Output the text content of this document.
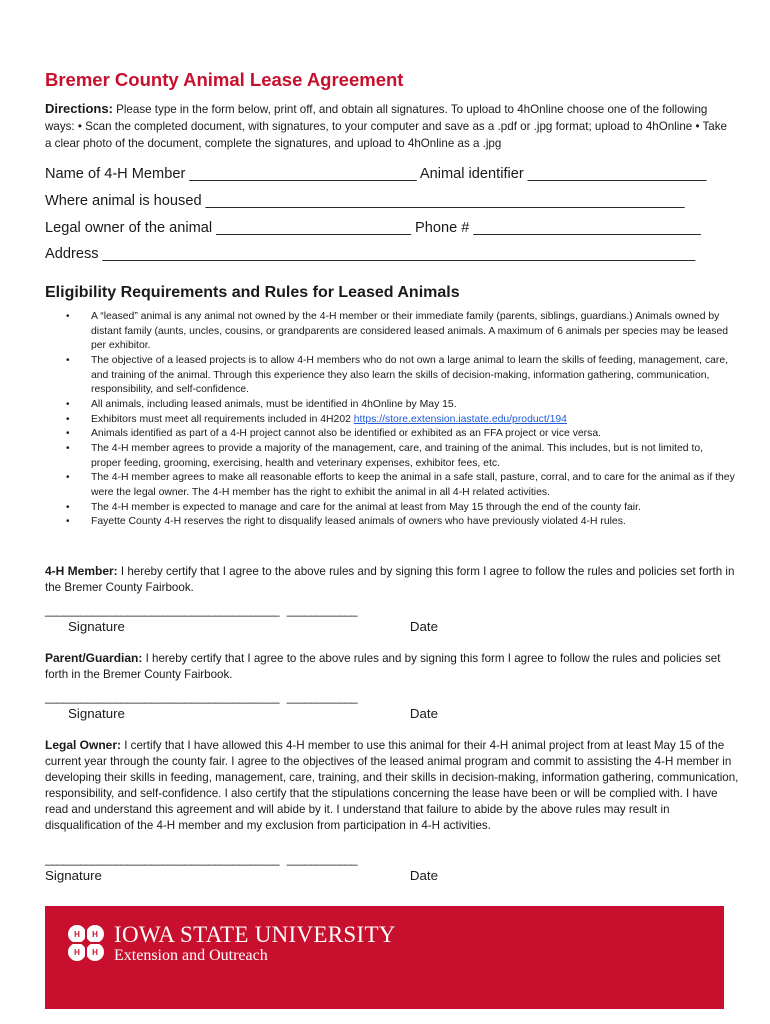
Bremer County Animal Lease Agreement
Directions: Please type in the form below, print off, and obtain all signatures. To upload to 4hOnline choose one of the following ways: • Scan the completed document, with signatures, to your computer and save as a .pdf or .jpg format; upload to 4hOnline • Take a clear photo of the document, complete the signatures, and upload to 4hOnline as a .jpg
Name of 4-H Member ____________________________ Animal identifier ______________________
Where animal is housed ___________________________________________________________
Legal owner of the animal ________________________ Phone # ____________________________
Address _________________________________________________________________________
Eligibility Requirements and Rules for Leased Animals
• A “leased” animal is any animal not owned by the 4-H member or their immediate family (parents, siblings, guardians.) Animals owned by distant family (aunts, uncles, cousins, or grandparents are considered leased animals. A maximum of 6 animals per species may be leased per exhibitor.
• The objective of a leased projects is to allow 4-H members who do not own a large animal to learn the skills of feeding, management, care, and training of the animal. Through this experience they also learn the skills of decision-making, information gathering, communication, responsibility, and self-confidence.
• All animals, including leased animals, must be identified in 4hOnline by May 15.
• Exhibitors must meet all requirements included in 4H202 https://store.extension.iastate.edu/product/194
• Animals identified as part of a 4-H project cannot also be identified or exhibited as an FFA project or vice versa.
• The 4-H member agrees to provide a majority of the management, care, and training of the animal. This includes, but is not limited to, proper feeding, grooming, exercising, health and veterinary expenses, exhibitor fees, etc.
• The 4-H member agrees to make all reasonable efforts to keep the animal in a safe stall, pasture, corral, and to care for the animal as if they were the legal owner. The 4-H member has the right to exhibit the animal in all 4-H related activities.
• The 4-H member is expected to manage and care for the animal at least from May 15 through the end of the county fair.
• Fayette County 4-H reserves the right to disqualify leased animals of owners who have previously violated 4-H rules.
4-H Member: I hereby certify that I agree to the above rules and by signing this form I agree to follow the rules and policies set forth in the Bremer County Fairbook.
________________________________________ ____________
Signature	Date
Parent/Guardian: I hereby certify that I agree to the above rules and by signing this form I agree to follow the rules and policies set forth in the Bremer County Fairbook.
________________________________________ ____________
Signature	Date
Legal Owner: I certify that I have allowed this 4-H member to use this animal for their 4-H animal project from at least May 15 of the current year through the county fair. I agree to the objectives of the leased animal program and commit to assisting the 4-H member in developing their skills in feeding, management, care, training, and their skills in decision-making, information gathering, communication, responsibility, and self-confidence. I also certify that the stipulations concerning the lease have been or will be complied with. I have read and understand this agreement and will abide by it. I understand that failure to abide by the above rules may result in disqualification of the 4-H member and my exclusion from participation in 4-H activities.
________________________________________ ____________
Signature	Date
H H
H H
IOWA STATE UNIVERSITY
Extension and Outreach
